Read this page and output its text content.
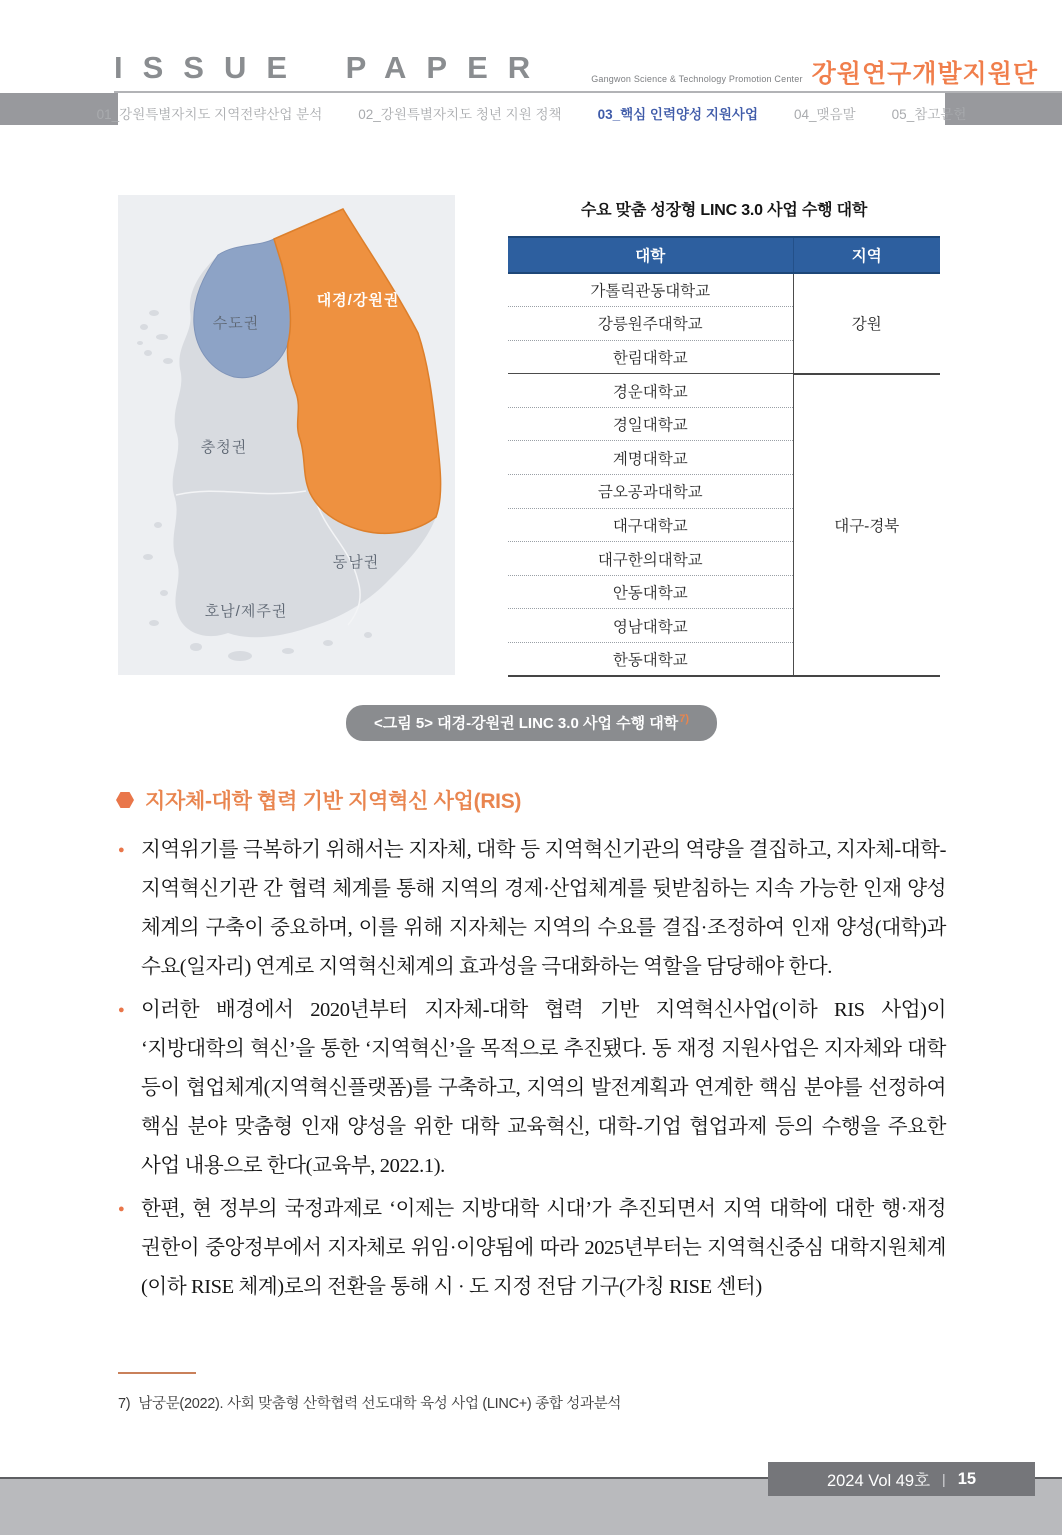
ISSUE PAPER	Gangwon Science & Technology Promotion Center 강원연구개발지원단
01_강원특별자치도 지역전략산업 분석	02_강원특별자치도 청년 지원 정책	03_핵심 인력양성 지원사업	04_맺음말	05_참고문헌
수도권
대경/강원권
충청권
동남권
호남/제주권
수요 맞춤 성장형 LINC 3.0 사업 수행 대학
대학	지역
가톨릭관동대학교	강원
강릉원주대학교	
한림대학교	
경운대학교	대구-경북
경일대학교	
계명대학교	
금오공과대학교	
대구대학교	
대구한의대학교	
안동대학교	
영남대학교	
한동대학교	
<그림 5> 대경-강원권 LINC 3.0 사업 수행 대학$^{7)}$
지자체-대학 협력 기반 지역혁신 사업(RIS)
● 지역위기를 극복하기 위해서는 지자체, 대학 등 지역혁신기관의 역량을 결집하고, 지자체-대학-지역혁신기관 간 협력 체계를 통해 지역의 경제·산업체계를 뒷받침하는 지속 가능한 인재 양성 체계의 구축이 중요하며, 이를 위해 지자체는 지역의 수요를 결집·조정하여 인재 양성(대학)과 수요(일자리) 연계로 지역혁신체계의 효과성을 극대화하는 역할을 담당해야 한다.
● 이러한 배경에서 2020년부터 지자체-대학 협력 기반 지역혁신사업(이하 RIS 사업)이 ‘지방대학의 혁신’을 통한 ‘지역혁신’을 목적으로 추진됐다. 동 재정 지원사업은 지자체와 대학 등이 협업체계(지역혁신플랫폼)를 구축하고, 지역의 발전계획과 연계한 핵심 분야를 선정하여 핵심 분야 맞춤형 인재 양성을 위한 대학 교육혁신, 대학-기업 협업과제 등의 수행을 주요한 사업 내용으로 한다(교육부, 2022.1).
● 한편, 현 정부의 국정과제로 ‘이제는 지방대학 시대’가 추진되면서 지역 대학에 대한 행·재정 권한이 중앙정부에서 지자체로 위임·이양됨에 따라 2025년부터는 지역혁신중심 대학지원체계(이하 RISE 체계)로의 전환을 통해 시 · 도 지정 전담 기구(가칭 RISE 센터)
7) 남궁문(2022). 사회 맞춤형 산학협력 선도대학 육성 사업 (LINC+) 종합 성과분석
2024 Vol 49호 | 15
